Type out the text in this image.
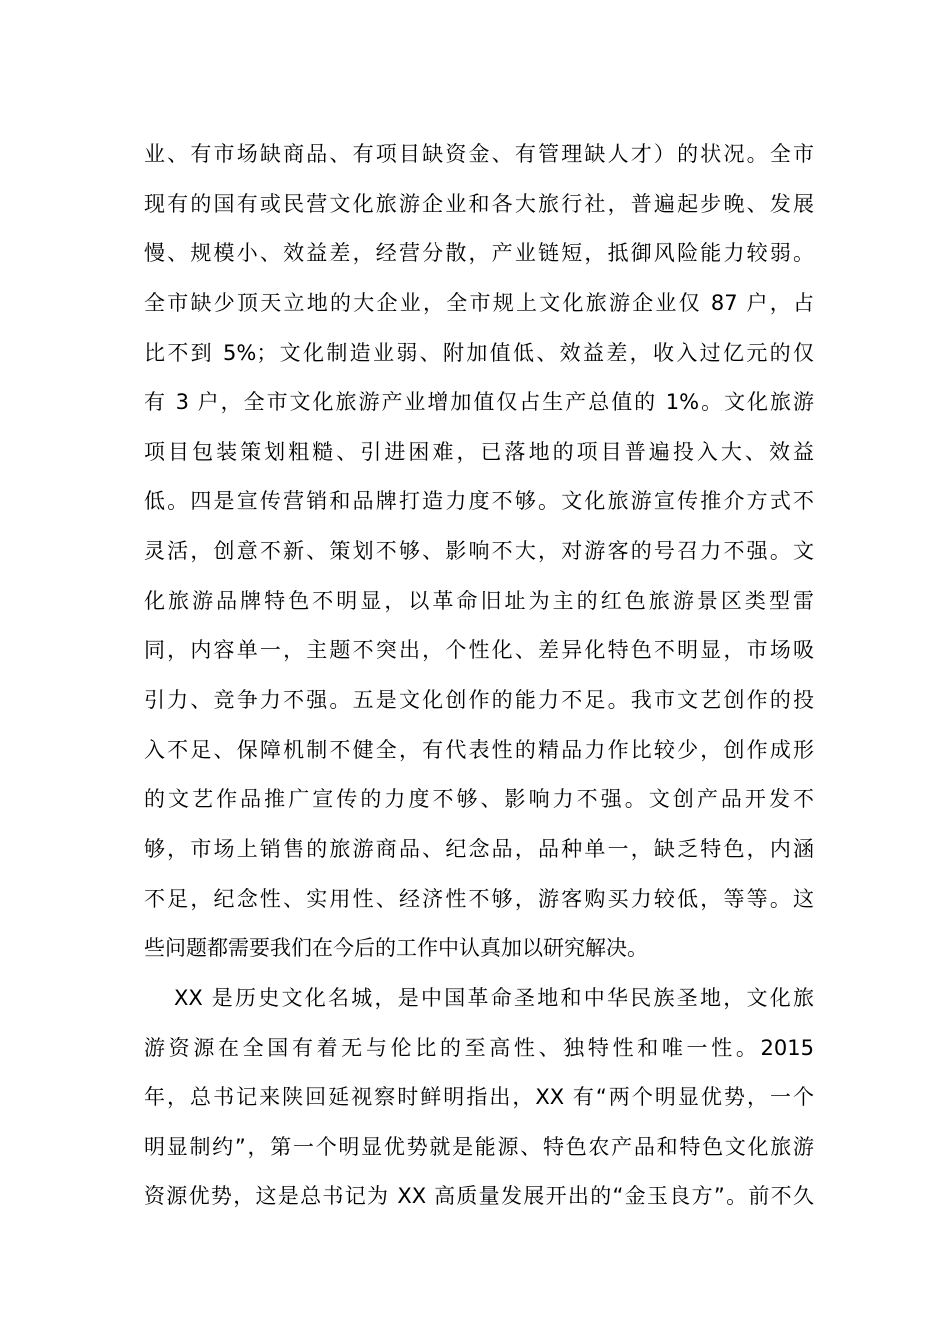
业、有市场缺商品、有项目缺资金、有管理缺人才）的状况。全市
现有的国有或民营文化旅游企业和各大旅行社，普遍起步晚、发展
慢、规模小、效益差，经营分散，产业链短，抵御风险能力较弱。
全市缺少顶天立地的大企业，全市规上文化旅游企业仅 87 户，占
比不到 5%；文化制造业弱、附加值低、效益差，收入过亿元的仅
有 3 户，全市文化旅游产业增加值仅占生产总值的 1%。文化旅游
项目包装策划粗糙、引进困难，已落地的项目普遍投入大、效益
低。四是宣传营销和品牌打造力度不够。文化旅游宣传推介方式不
灵活，创意不新、策划不够、影响不大，对游客的号召力不强。文
化旅游品牌特色不明显，以革命旧址为主的红色旅游景区类型雷
同，内容单一，主题不突出，个性化、差异化特色不明显，市场吸
引力、竞争力不强。五是文化创作的能力不足。我市文艺创作的投
入不足、保障机制不健全，有代表性的精品力作比较少，创作成形
的文艺作品推广宣传的力度不够、影响力不强。文创产品开发不
够，市场上销售的旅游商品、纪念品，品种单一，缺乏特色，内涵
不足，纪念性、实用性、经济性不够，游客购买力较低，等等。这
些问题都需要我们在今后的工作中认真加以研究解决。
XX 是历史文化名城，是中国革命圣地和中华民族圣地，文化旅
游资源在全国有着无与伦比的至高性、独特性和唯一性。2015
年，总书记来陕回延视察时鲜明指出，XX 有“两个明显优势，一个
明显制约”，第一个明显优势就是能源、特色农产品和特色文化旅游
资源优势，这是总书记为 XX 高质量发展开出的“金玉良方”。前不久
